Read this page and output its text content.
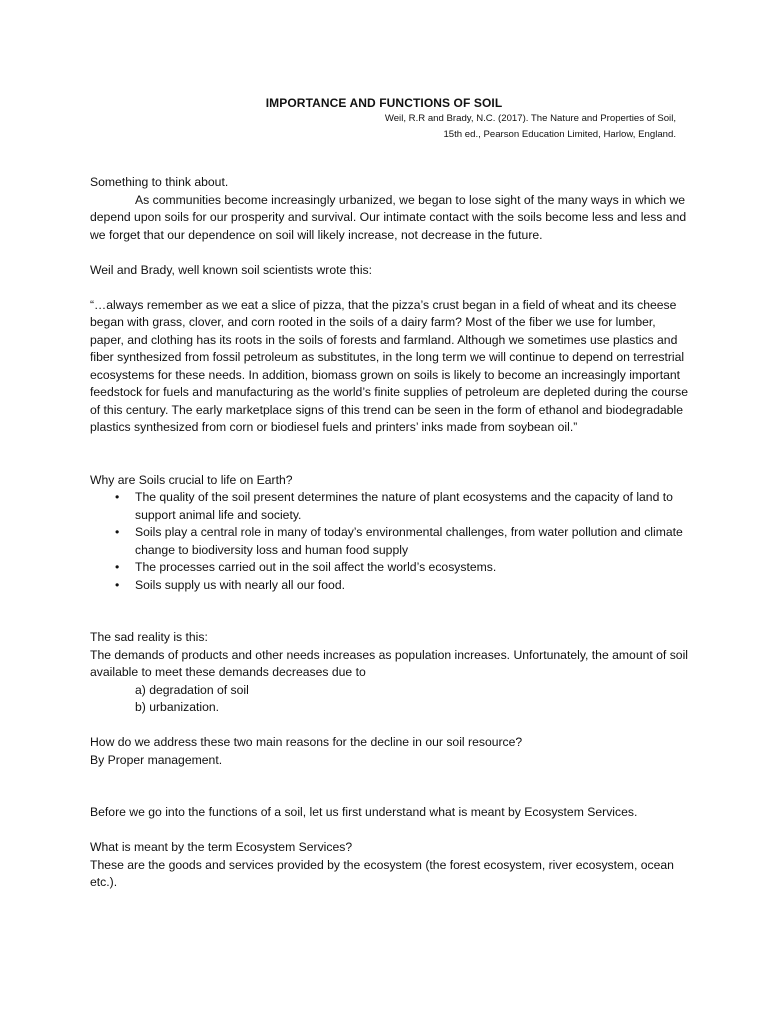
IMPORTANCE AND FUNCTIONS OF SOIL
Weil, R.R and Brady, N.C. (2017). The Nature and Properties of Soil,
15th ed., Pearson Education Limited, Harlow, England.

Something to think about.

As communities become increasingly urbanized, we began to lose sight of the many ways in which we depend upon soils for our prosperity and survival. Our intimate contact with the soils become less and less and we forget that our dependence on soil will likely increase, not decrease in the future.

Weil and Brady, well known soil scientists wrote this:

“…always remember as we eat a slice of pizza, that the pizza’s crust began in a field of wheat and its cheese began with grass, clover, and corn rooted in the soils of a dairy farm? Most of the fiber we use for lumber, paper, and clothing has its roots in the soils of forests and farmland. Although we sometimes use plastics and fiber synthesized from fossil petroleum as substitutes, in the long term we will continue to depend on terrestrial ecosystems for these needs. In addition, biomass grown on soils is likely to become an increasingly important feedstock for fuels and manufacturing as the world’s finite supplies of petroleum are depleted during the course of this century. The early marketplace signs of this trend can be seen in the form of ethanol and biodegradable plastics synthesized from corn or biodiesel fuels and printers’ inks made from soybean oil.”

Why are Soils crucial to life on Earth?

• The quality of the soil present determines the nature of plant ecosystems and the capacity of land to support animal life and society.
• Soils play a central role in many of today’s environmental challenges, from water pollution and climate change to biodiversity loss and human food supply
• The processes carried out in the soil affect the world’s ecosystems.
• Soils supply us with nearly all our food.

The sad reality is this:

The demands of products and other needs increases as population increases. Unfortunately, the amount of soil available to meet these demands decreases due to

a) degradation of soil

b) urbanization.

How do we address these two main reasons for the decline in our soil resource?

By Proper management.

Before we go into the functions of a soil, let us first understand what is meant by Ecosystem Services.

What is meant by the term Ecosystem Services?

These are the goods and services provided by the ecosystem (the forest ecosystem, river ecosystem, ocean etc.).
